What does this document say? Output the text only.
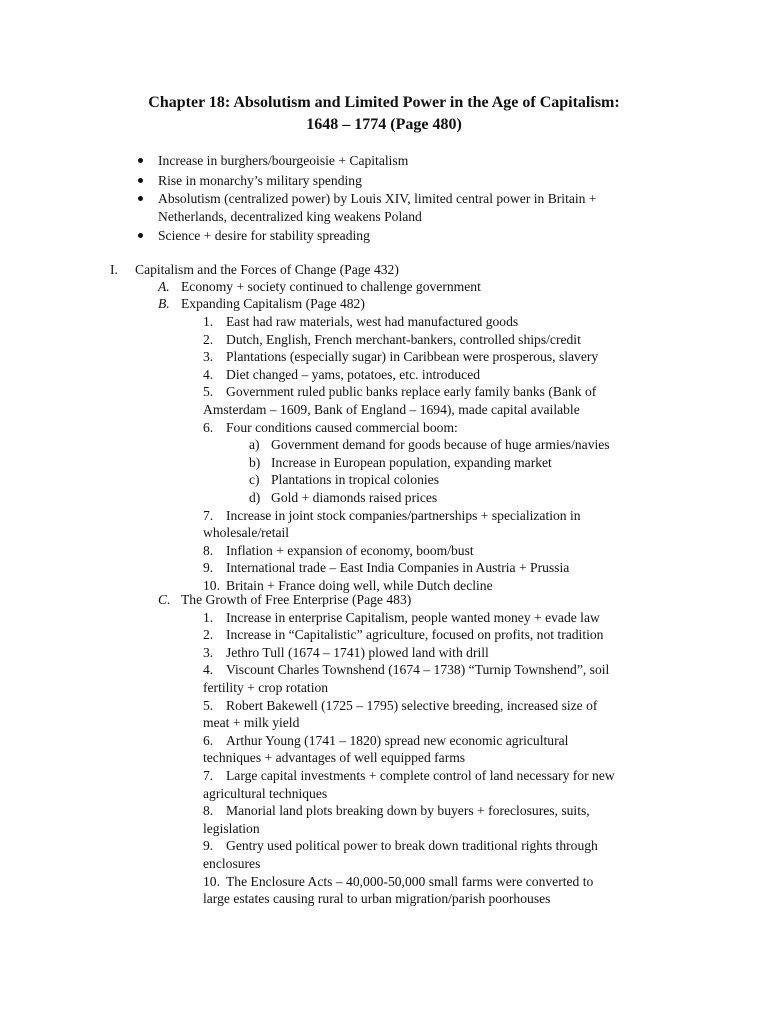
Chapter 18: Absolutism and Limited Power in the Age of Capitalism:
1648 – 1774 (Page 480)
Increase in burghers/bourgeoisie + Capitalism
Rise in monarchy’s military spending
Absolutism (centralized power) by Louis XIV, limited central power in Britain +
Netherlands, decentralized king weakens Poland
Science + desire for stability spreading
I. Capitalism and the Forces of Change (Page 432)
A. Economy + society continued to challenge government
B. Expanding Capitalism (Page 482)
1. East had raw materials, west had manufactured goods
2. Dutch, English, French merchant-bankers, controlled ships/credit
3. Plantations (especially sugar) in Caribbean were prosperous, slavery
4. Diet changed – yams, potatoes, etc. introduced
5. Government ruled public banks replace early family banks (Bank of
Amsterdam – 1609, Bank of England – 1694), made capital available
6. Four conditions caused commercial boom:
a) Government demand for goods because of huge armies/navies
b) Increase in European population, expanding market
c) Plantations in tropical colonies
d) Gold + diamonds raised prices
7. Increase in joint stock companies/partnerships + specialization in
wholesale/retail
8. Inflation + expansion of economy, boom/bust
9. International trade – East India Companies in Austria + Prussia
10. Britain + France doing well, while Dutch decline
C. The Growth of Free Enterprise (Page 483)
1. Increase in enterprise Capitalism, people wanted money + evade law
2. Increase in “Capitalistic” agriculture, focused on profits, not tradition
3. Jethro Tull (1674 – 1741) plowed land with drill
4. Viscount Charles Townshend (1674 – 1738) “Turnip Townshend”, soil
fertility + crop rotation
5. Robert Bakewell (1725 – 1795) selective breeding, increased size of
meat + milk yield
6. Arthur Young (1741 – 1820) spread new economic agricultural
techniques + advantages of well equipped farms
7. Large capital investments + complete control of land necessary for new
agricultural techniques
8. Manorial land plots breaking down by buyers + foreclosures, suits,
legislation
9. Gentry used political power to break down traditional rights through
enclosures
10. The Enclosure Acts – 40,000-50,000 small farms were converted to
large estates causing rural to urban migration/parish poorhouses
